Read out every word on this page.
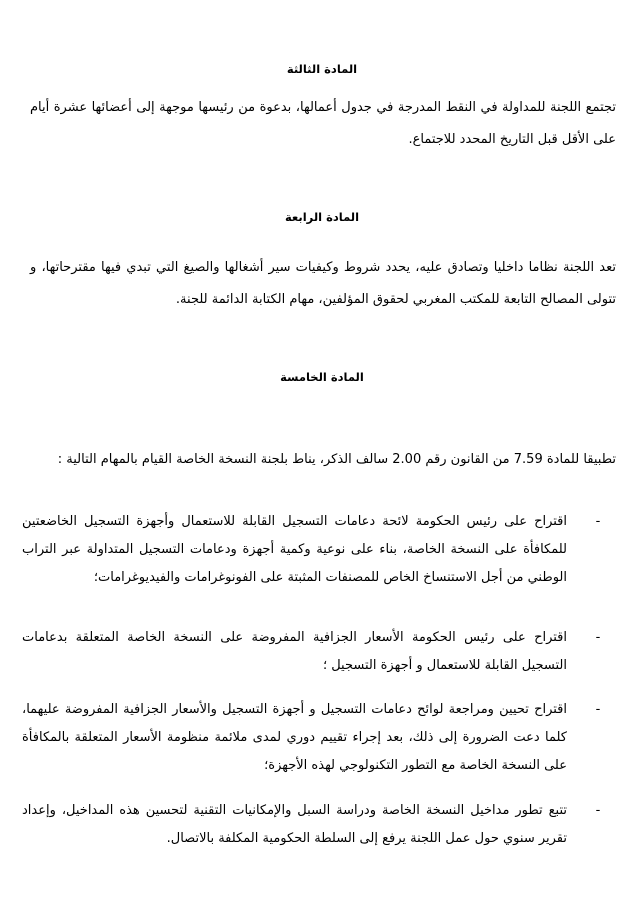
المادة الثالثة
تجتمع اللجنة للمداولة في النقط المدرجة في جدول أعمالها، بدعوة من رئيسها موجهة إلى أعضائها عشرة أيام على الأقل قبل التاريخ المحدد للاجتماع.
المادة الرابعة
تعد اللجنة نظاما داخليا وتصادق عليه، يحدد شروط وكيفيات سير أشغالها والصيغ التي تبدي فيها مقترحاتها، و تتولى المصالح التابعة للمكتب المغربي لحقوق المؤلفين، مهام الكتابة الدائمة للجنة.
المادة الخامسة
تطبيقا للمادة 7.59 من القانون رقم 2.00 سالف الذكر، يناط بلجنة النسخة الخاصة القيام بالمهام التالية :
-
اقتراح على رئيس الحكومة لائحة دعامات التسجيل القابلة للاستعمال وأجهزة التسجيل الخاضعتين للمكافأة على النسخة الخاصة، بناء على نوعية وكمية أجهزة ودعامات التسجيل المتداولة عبر التراب الوطني من أجل الاستنساخ الخاص للمصنفات المثبتة على الفونوغرامات والفيديوغرامات؛
-
اقتراح على رئيس الحكومة الأسعار الجزافية المفروضة على النسخة الخاصة المتعلقة بدعامات التسجيل القابلة للاستعمال و أجهزة التسجيل ؛
-
اقتراح تحيين ومراجعة لوائح دعامات التسجيل و أجهزة التسجيل والأسعار الجزافية المفروضة عليهما، كلما دعت الضرورة إلى ذلك، بعد إجراء تقييم دوري لمدى ملائمة منظومة الأسعار المتعلقة بالمكافأة على النسخة الخاصة مع التطور التكنولوجي لهذه الأجهزة؛
-
تتبع تطور مداخيل النسخة الخاصة ودراسة السبل والإمكانيات التقنية لتحسين هذه المداخيل، وإعداد تقرير سنوي حول عمل اللجنة يرفع إلى السلطة الحكومية المكلفة بالاتصال.
